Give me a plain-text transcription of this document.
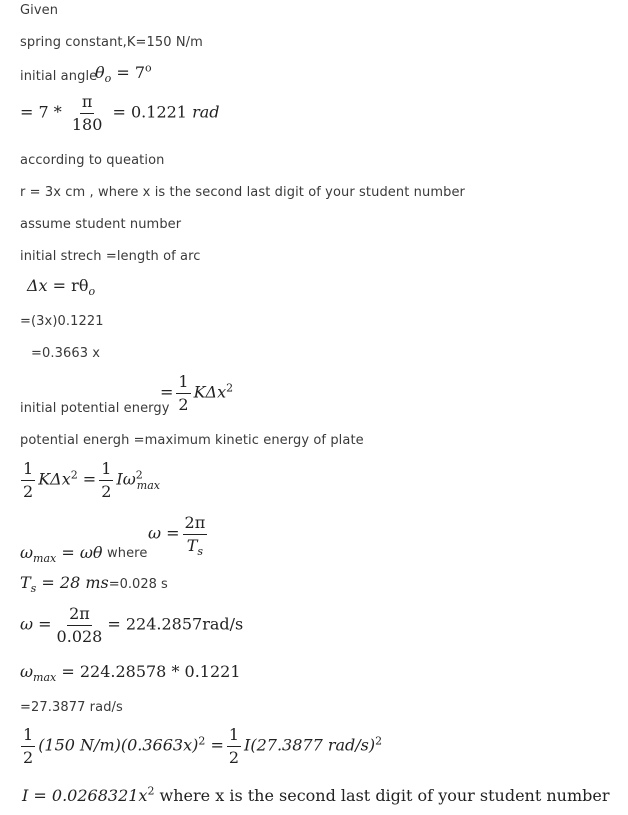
Given
spring constant,K=150 N/m
initial angle
$\theta_o = 7^o$
= $7 * \frac{\pi}{180} = 0.1221$ rad
according to queation
r = 3x cm , where x is the second last digit of your student number
assume student number
initial strech =length of arc
$\Delta x = r\theta_o$
=(3x)0.1221
=0.3663 x
initial potential energy
= $\frac{1}{2} K\Delta x^2$
potential energh =maximum kinetic energy of plate
$\frac{1}{2} K\Delta x^2 = \frac{1}{2} I\omega^2_{max}$
$\omega_{max} = \omega\theta$ where
$\omega = \frac{2\pi}{T_s}$
$T_s = 28$ ms=0.028 s
$\omega = \frac{2\pi}{0.028} = 224.2857rad/s$
$\omega_{max} = 224.28578 * 0.1221$
=27.3877 rad/s
$\frac{1}{2} (150$ $N/m)(0.3663x)^2 = \frac{1}{2} I(27.3877$ rad/s)$^2$
$I = 0.0268321x^2$ where x is the second last digit of your student number
